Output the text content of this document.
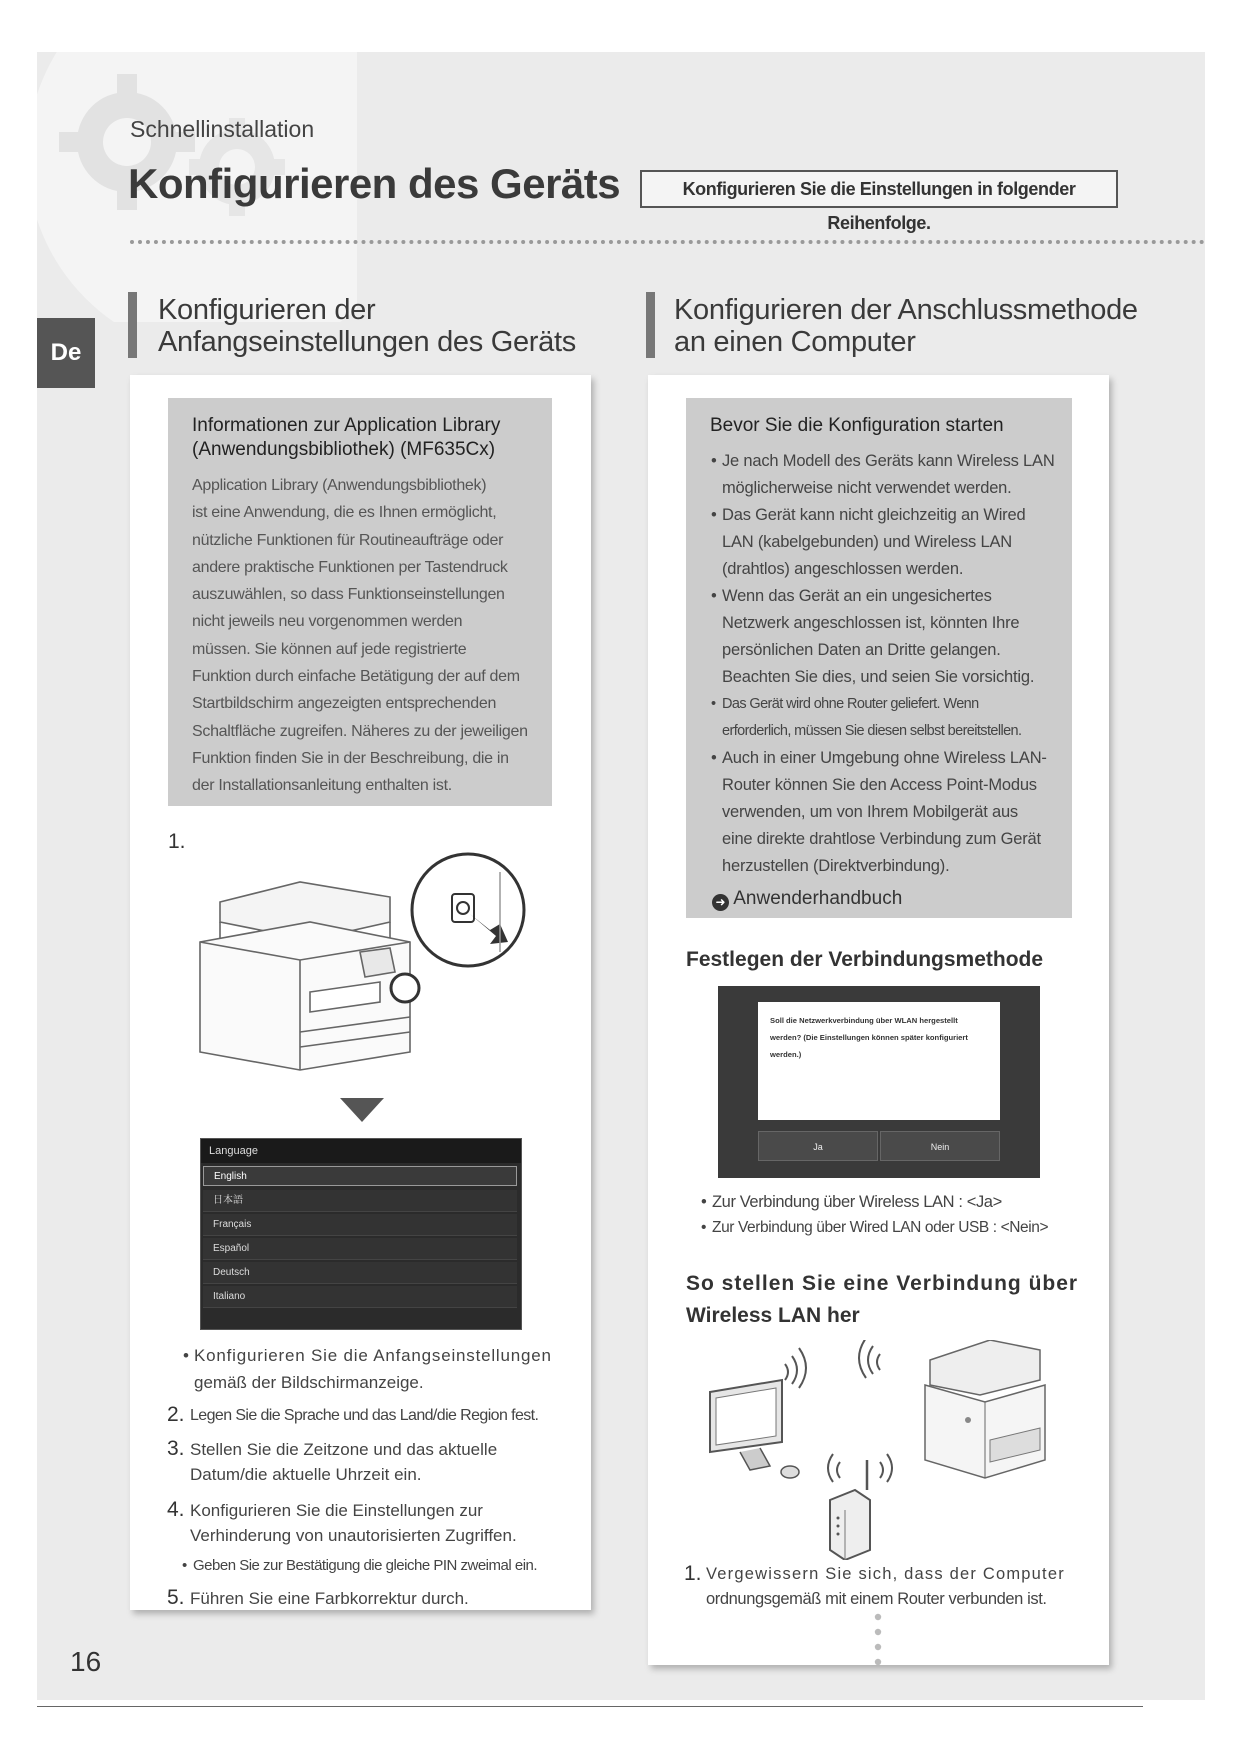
Schnellinstallation
Konfigurieren des Geräts	Konfigurieren Sie die Einstellungen in folgender Reihenfolge.
De
Konfigurieren der
Anfangseinstellungen des Geräts
Informationen zur Application Library
(Anwendungsbibliothek) (MF635Cx)
Application Library (Anwendungsbibliothek)
ist eine Anwendung, die es Ihnen ermöglicht,
nützliche Funktionen für Routineaufträge oder
andere praktische Funktionen per Tastendruck
auszuwählen, so dass Funktionseinstellungen
nicht jeweils neu vorgenommen werden
müssen. Sie können auf jede registrierte
Funktion durch einfache Betätigung der auf dem
Startbildschirm angezeigten entsprechenden
Schaltfläche zugreifen. Näheres zu der jeweiligen
Funktion finden Sie in der Beschreibung, die in
der Installationsanleitung enthalten ist.
1.
Language
English
日本語
Français
Español
Deutsch
Italiano
• Konfigurieren Sie die Anfangseinstellungen
gemäß der Bildschirmanzeige.
2. Legen Sie die Sprache und das Land/die Region fest.
3. Stellen Sie die Zeitzone und das aktuelle
Datum/die aktuelle Uhrzeit ein.
4. Konfigurieren Sie die Einstellungen zur
Verhinderung von unautorisierten Zugriffen.
• Geben Sie zur Bestätigung die gleiche PIN zweimal ein.
5. Führen Sie eine Farbkorrektur durch.
Konfigurieren der Anschlussmethode
an einen Computer
Bevor Sie die Konfiguration starten
• Je nach Modell des Geräts kann Wireless LAN
möglicherweise nicht verwendet werden.
• Das Gerät kann nicht gleichzeitig an Wired
LAN (kabelgebunden) und Wireless LAN
(drahtlos) angeschlossen werden.
• Wenn das Gerät an ein ungesichertes
Netzwerk angeschlossen ist, könnten Ihre
persönlichen Daten an Dritte gelangen.
Beachten Sie dies, und seien Sie vorsichtig.
• Das Gerät wird ohne Router geliefert. Wenn
erforderlich, müssen Sie diesen selbst bereitstellen.
• Auch in einer Umgebung ohne Wireless LAN-
Router können Sie den Access Point-Modus
verwenden, um von Ihrem Mobilgerät aus
eine direkte drahtlose Verbindung zum Gerät
herzustellen (Direktverbindung).
➜ Anwenderhandbuch
Festlegen der Verbindungsmethode
Soll die Netzwerkverbindung über WLAN hergestellt
werden? (Die Einstellungen können später konfiguriert
werden.)
Ja	Nein
• Zur Verbindung über Wireless LAN : <Ja>
• Zur Verbindung über Wired LAN oder USB : <Nein>
So stellen Sie eine Verbindung über
Wireless LAN her
1. Vergewissern Sie sich, dass der Computer
ordnungsgemäß mit einem Router verbunden ist.
16
